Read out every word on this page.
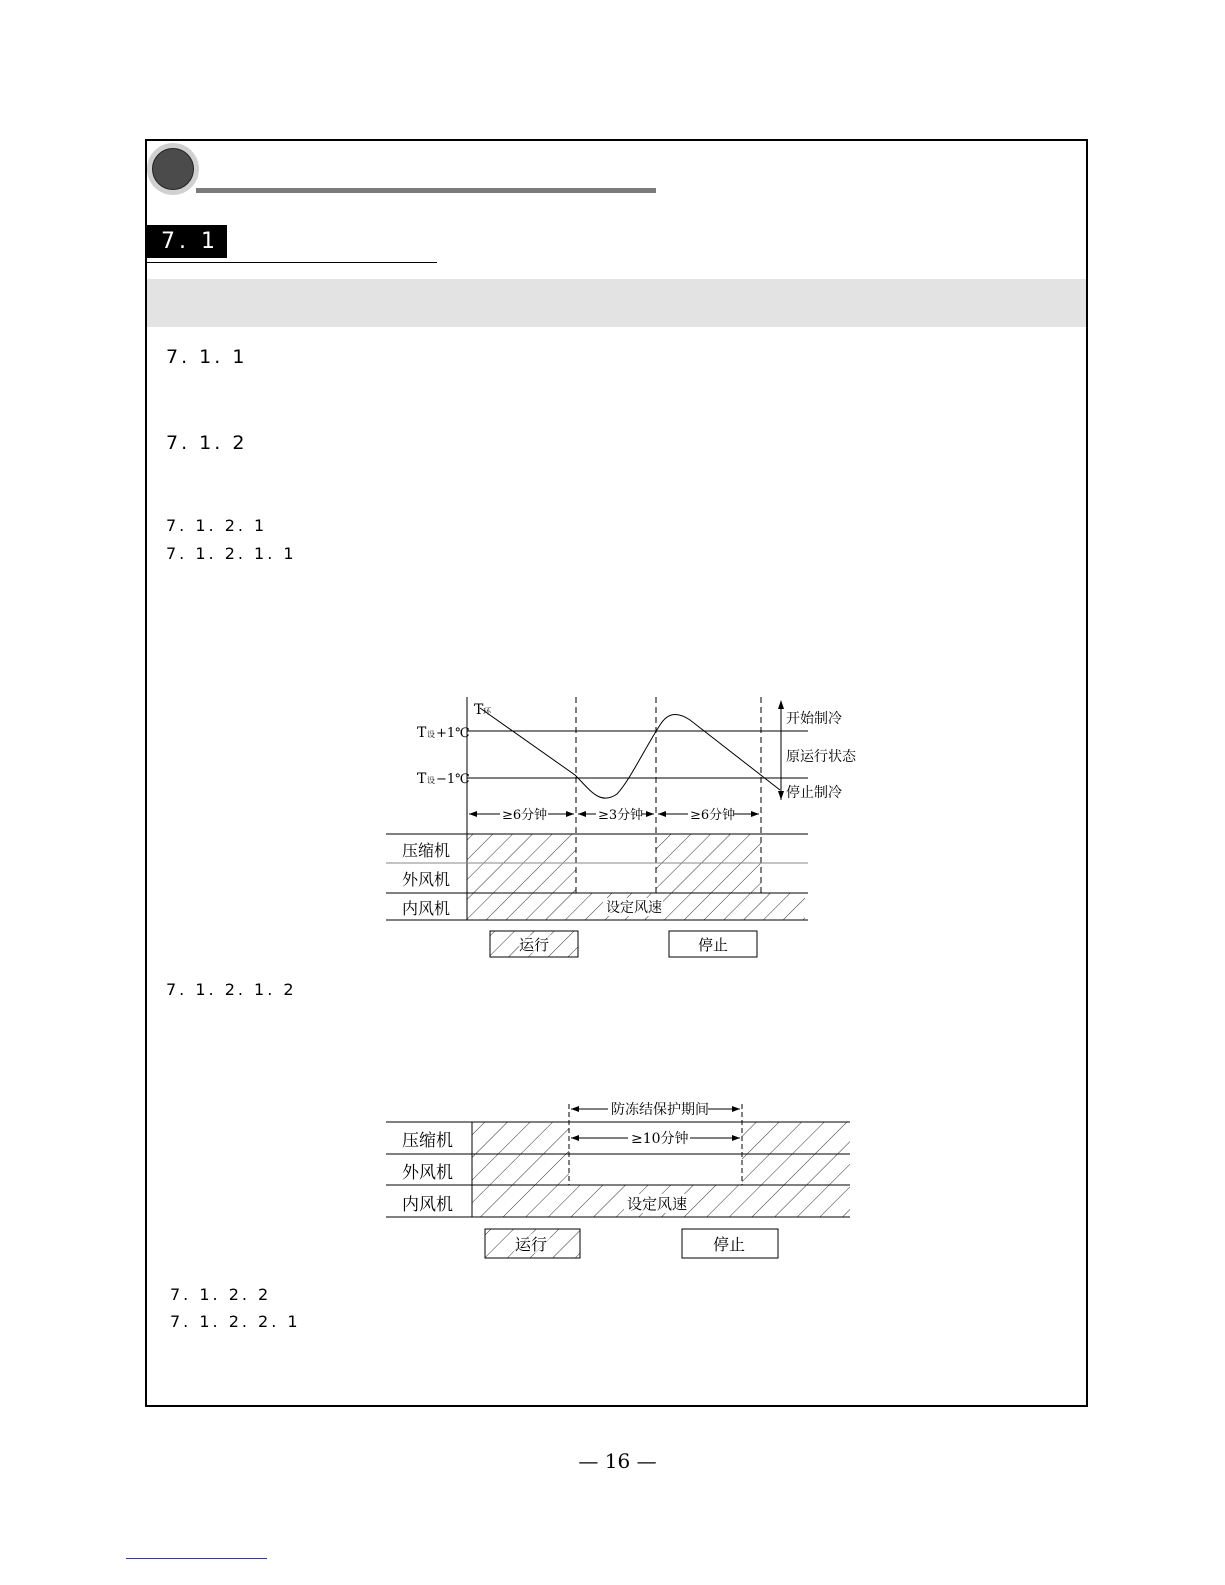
7. 1
7. 1. 1
7. 1. 2
7. 1. 2. 1
7. 1. 2. 1. 1
7. 1. 2. 1. 2
7. 1. 2. 2
7. 1. 2. 2. 1
T 环
T 设 +1℃
T 设 −1℃
开始制冷
原运行状态
停止制冷
≥6分钟	≥3分钟	≥6分钟
压缩机
外风机
内风机	设定风速
运行	停止
防冻结保护期间
≥10分钟
压缩机
外风机
内风机	设定风速
运行	停止
— 16 —
